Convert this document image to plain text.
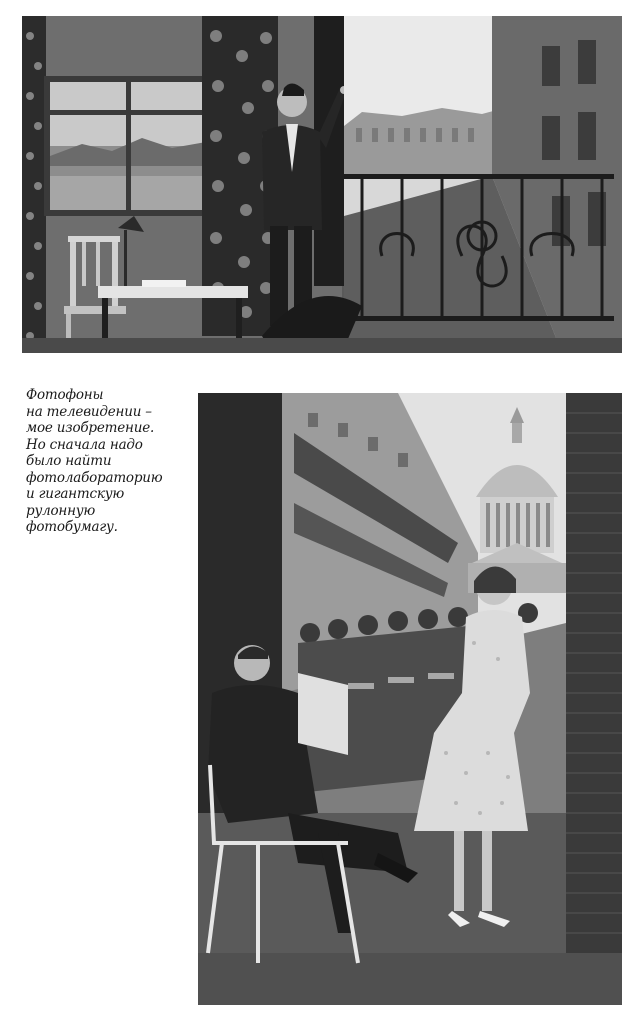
Фотофоны
на телевидении –
мое изобретение.
Но сначала надо
было найти
фотолабораторию
и гигантскую
рулонную
фотобумагу.
